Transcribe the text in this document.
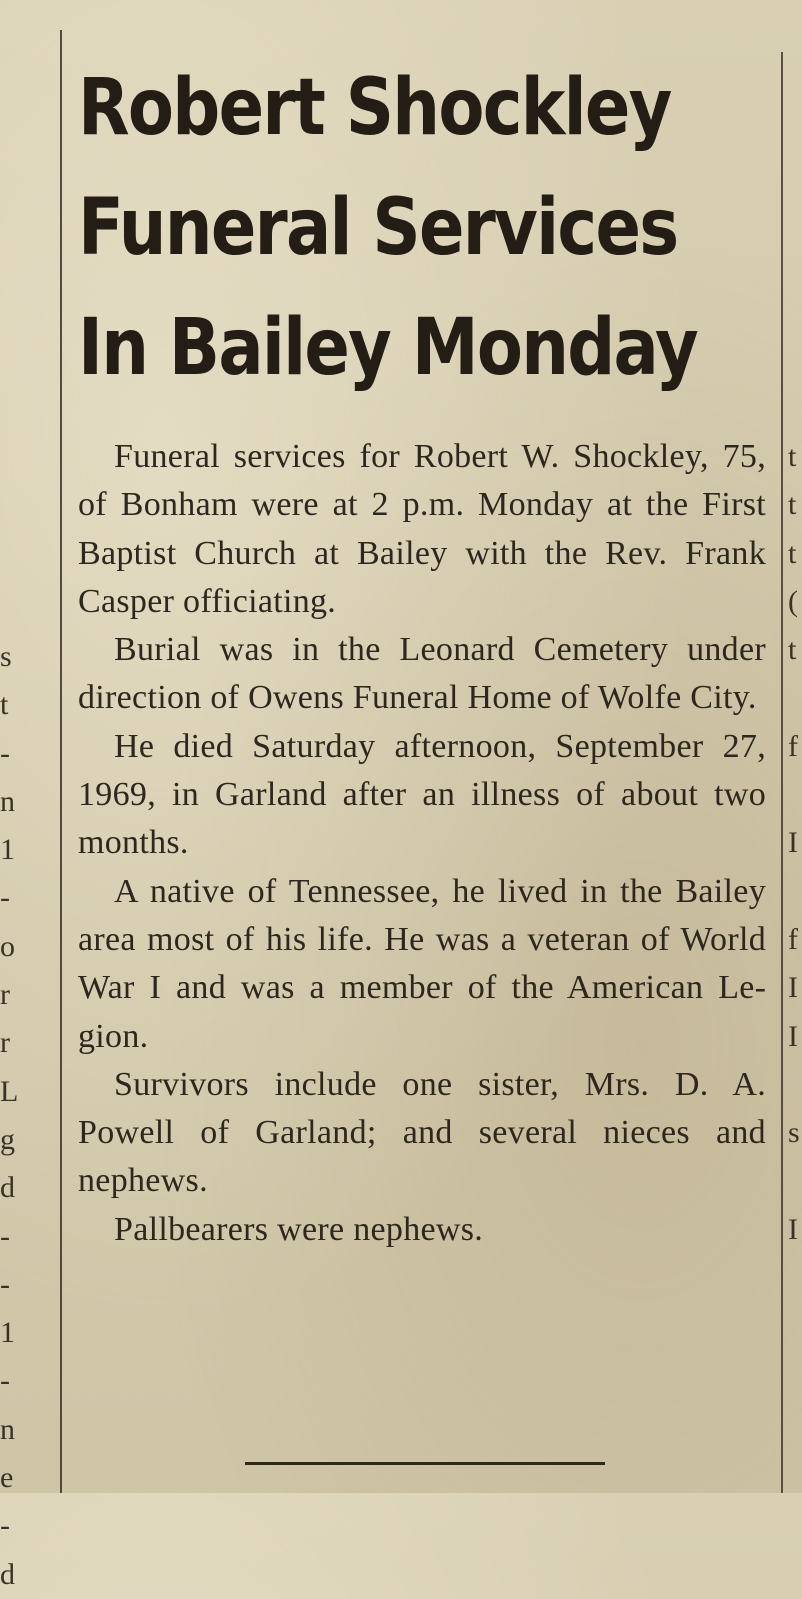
s
t
-
n
1
-
o
r
r
L
g
d
-
-
1
-
n
e
-
d
t
t
t
(
t
f
I
f
I
I
s
I
Robert Shockley
Funeral Services
In Bailey Monday

Funeral services for Robert W. Shockley, 75, of Bonham were at 2 p.m. Monday at the First Baptist Church at Bailey with the Rev. Frank Casper officiating.

Burial was in the Leonard Cemetery under direction of Owens Funeral Home of Wolfe City.

He died Saturday afternoon, September 27, 1969, in Garland after an illness of about two months.

A native of Tennessee, he lived in the Bailey area most of his life. He was a veteran of World War I and was a member of the American Legion.

Survivors include one sister, Mrs. D. A. Powell of Garland; and several nieces and nephews.

Pallbearers were nephews.
